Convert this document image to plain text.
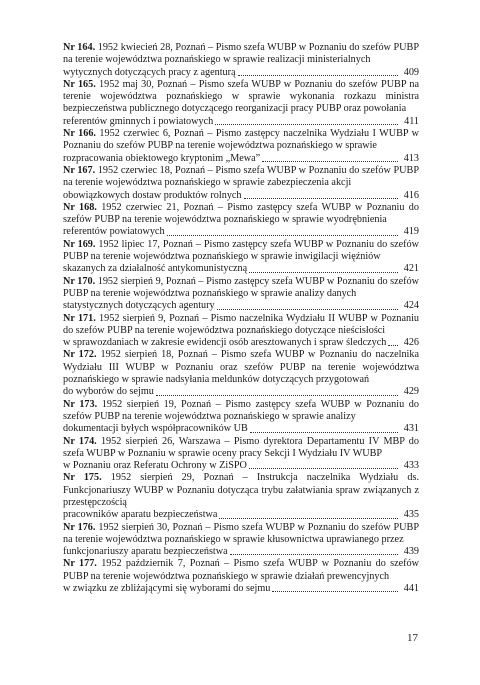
Nr 164. 1952 kwiecień 28, Poznań – Pismo szefa WUBP w Poznaniu do szefów PUBP na terenie województwa poznańskiego w sprawie realizacji ministerialnych
wytycznych dotyczących pracy z agenturą	409
Nr 165. 1952 maj 30, Poznań – Pismo szefa WUBP w Poznaniu do szefów PUBP na terenie województwa poznańskiego w sprawie wykonania rozkazu ministra bezpieczeństwa publicznego dotyczącego reorganizacji pracy PUBP oraz powołania
referentów gminnych i powiatowych	411
Nr 166. 1952 czerwiec 6, Poznań – Pismo zastępcy naczelnika Wydziału I WUBP w Poznaniu do szefów PUBP na terenie województwa poznańskiego w sprawie
rozpracowania obiektowego kryptonim „Mewa”	413
Nr 167. 1952 czerwiec 18, Poznań – Pismo szefa WUBP w Poznaniu do szefów PUBP na terenie województwa poznańskiego w sprawie zabezpieczenia akcji
obowiązkowych dostaw produktów rolnych	416
Nr 168. 1952 czerwiec 21, Poznań – Pismo zastępcy szefa WUBP w Poznaniu do szefów PUBP na terenie województwa poznańskiego w sprawie wyodrębnienia
referentów powiatowych	419
Nr 169. 1952 lipiec 17, Poznań – Pismo zastępcy szefa WUBP w Poznaniu do szefów PUBP na terenie województwa poznańskiego w sprawie inwigilacji więźniów
skazanych za działalność antykomunistyczną	421
Nr 170. 1952 sierpień 9, Poznań – Pismo zastępcy szefa WUBP w Poznaniu do szefów PUBP na terenie województwa poznańskiego w sprawie analizy danych
statystycznych dotyczących agentury	424
Nr 171. 1952 sierpień 9, Poznań – Pismo naczelnika Wydziału II WUBP w Poznaniu do szefów PUBP na terenie województwa poznańskiego dotyczące nieścisłości
w sprawozdaniach w zakresie ewidencji osób aresztowanych i spraw śledczych 426
Nr 172. 1952 sierpień 18, Poznań – Pismo szefa WUBP w Poznaniu do naczelnika Wydziału III WUBP w Poznaniu oraz szefów PUBP na terenie województwa poznańskiego w sprawie nadsyłania meldunków dotyczących przygotowań
do wyborów do sejmu	429
Nr 173. 1952 sierpień 19, Poznań – Pismo zastępcy szefa WUBP w Poznaniu do szefów PUBP na terenie województwa poznańskiego w sprawie analizy
dokumentacji byłych współpracowników UB	431
Nr 174. 1952 sierpień 26, Warszawa – Pismo dyrektora Departamentu IV MBP do szefa WUBP w Poznaniu w sprawie oceny pracy Sekcji I Wydziału IV WUBP
w Poznaniu oraz Referatu Ochrony w ZiSPO	433
Nr 175. 1952 sierpień 29, Poznań – Instrukcja naczelnika Wydziału ds. Funkcjonariuszy WUBP w Poznaniu dotycząca trybu załatwiania spraw związanych z przestępczością
pracowników aparatu bezpieczeństwa	435
Nr 176. 1952 sierpień 30, Poznań – Pismo szefa WUBP w Poznaniu do szefów PUBP na terenie województwa poznańskiego w sprawie kłusownictwa uprawianego przez
funkcjonariuszy aparatu bezpieczeństwa	439
Nr 177. 1952 październik 7, Poznań – Pismo szefa WUBP w Poznaniu do szefów PUBP na terenie województwa poznańskiego w sprawie działań prewencyjnych
w związku ze zbliżającymi się wyborami do sejmu	441
17
